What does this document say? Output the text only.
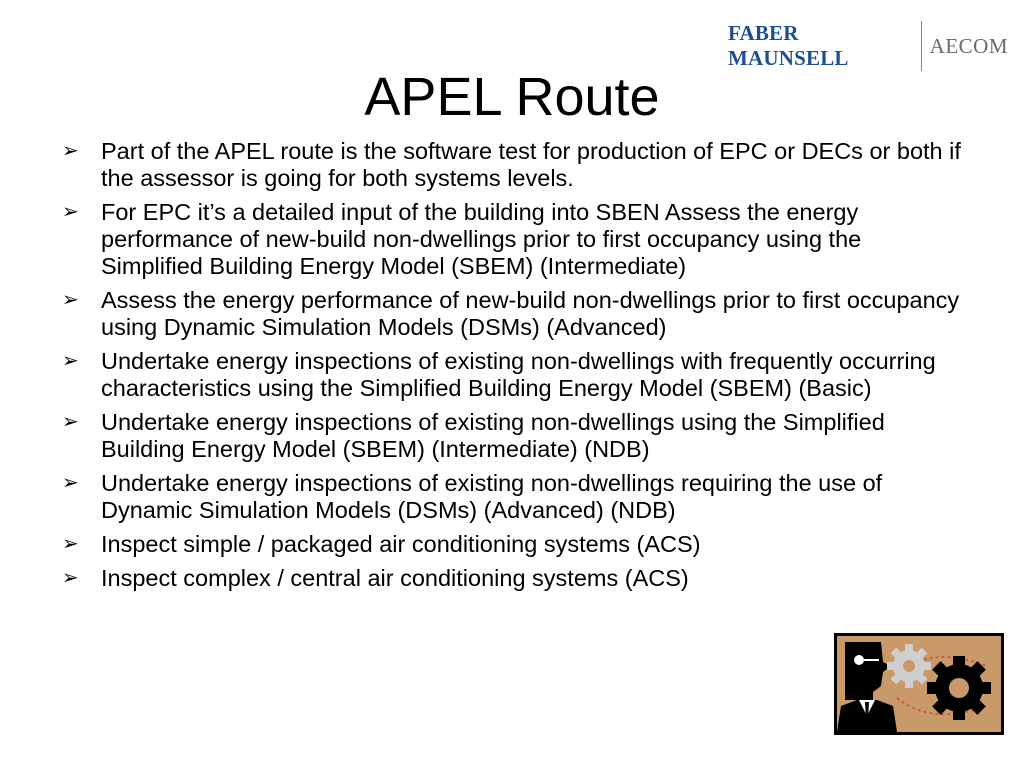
FABER MAUNSELL
AECOM
APEL Route
➢ Part of the APEL route is the software test for production of EPC or DECs or both if the assessor is going for both systems levels.
➢ For EPC it’s a detailed input of the building into SBEN Assess the energy performance of new-build non-dwellings prior to first occupancy using the Simplified Building Energy Model (SBEM) (Intermediate)
➢ Assess the energy performance of new-build non-dwellings prior to first occupancy using Dynamic Simulation Models (DSMs) (Advanced)
➢ Undertake energy inspections of existing non-dwellings with frequently occurring characteristics using the Simplified Building Energy Model (SBEM) (Basic)
➢ Undertake energy inspections of existing non-dwellings using the Simplified Building Energy Model (SBEM) (Intermediate) (NDB)
➢ Undertake energy inspections of existing non-dwellings requiring the use of Dynamic Simulation Models (DSMs) (Advanced) (NDB)
➢ Inspect simple / packaged air conditioning systems (ACS)
➢ Inspect complex / central air conditioning systems (ACS)
